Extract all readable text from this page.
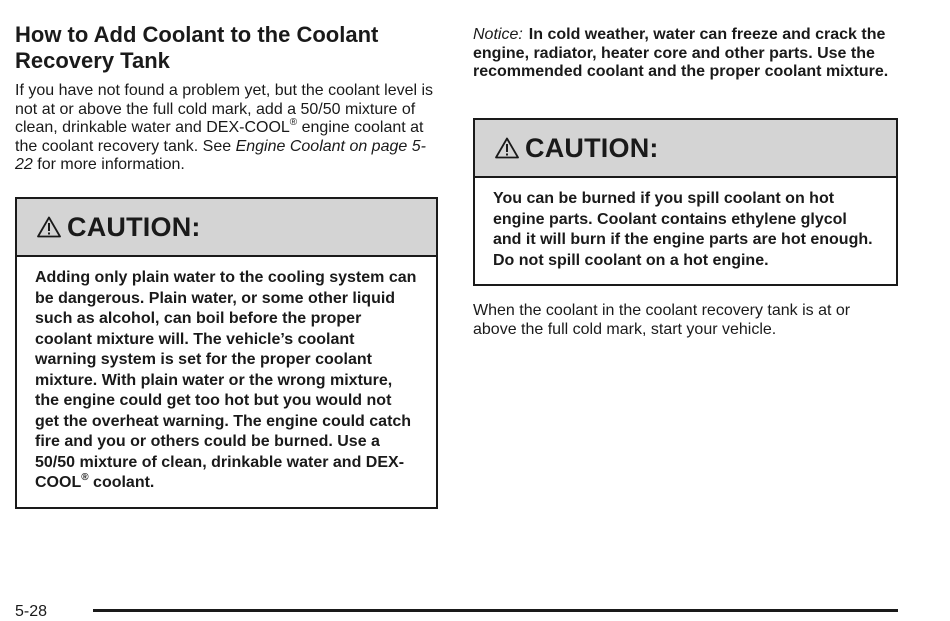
How to Add Coolant to the Coolant Recovery Tank

If you have not found a problem yet, but the coolant level is not at or above the full cold mark, add a 50/50 mixture of clean, drinkable water and DEX-COOL® engine coolant at the coolant recovery tank. See Engine Coolant on page 5-22 for more information.

CAUTION:
Adding only plain water to the cooling system can be dangerous. Plain water, or some other liquid such as alcohol, can boil before the proper coolant mixture will. The vehicle’s coolant warning system is set for the proper coolant mixture. With plain water or the wrong mixture, the engine could get too hot but you would not get the overheat warning. The engine could catch fire and you or others could be burned. Use a 50/50 mixture of clean, drinkable water and DEX-COOL® coolant.

Notice: In cold weather, water can freeze and crack the engine, radiator, heater core and other parts. Use the recommended coolant and the proper coolant mixture.

CAUTION:
You can be burned if you spill coolant on hot engine parts. Coolant contains ethylene glycol and it will burn if the engine parts are hot enough. Do not spill coolant on a hot engine.

When the coolant in the coolant recovery tank is at or above the full cold mark, start your vehicle.

5-28
